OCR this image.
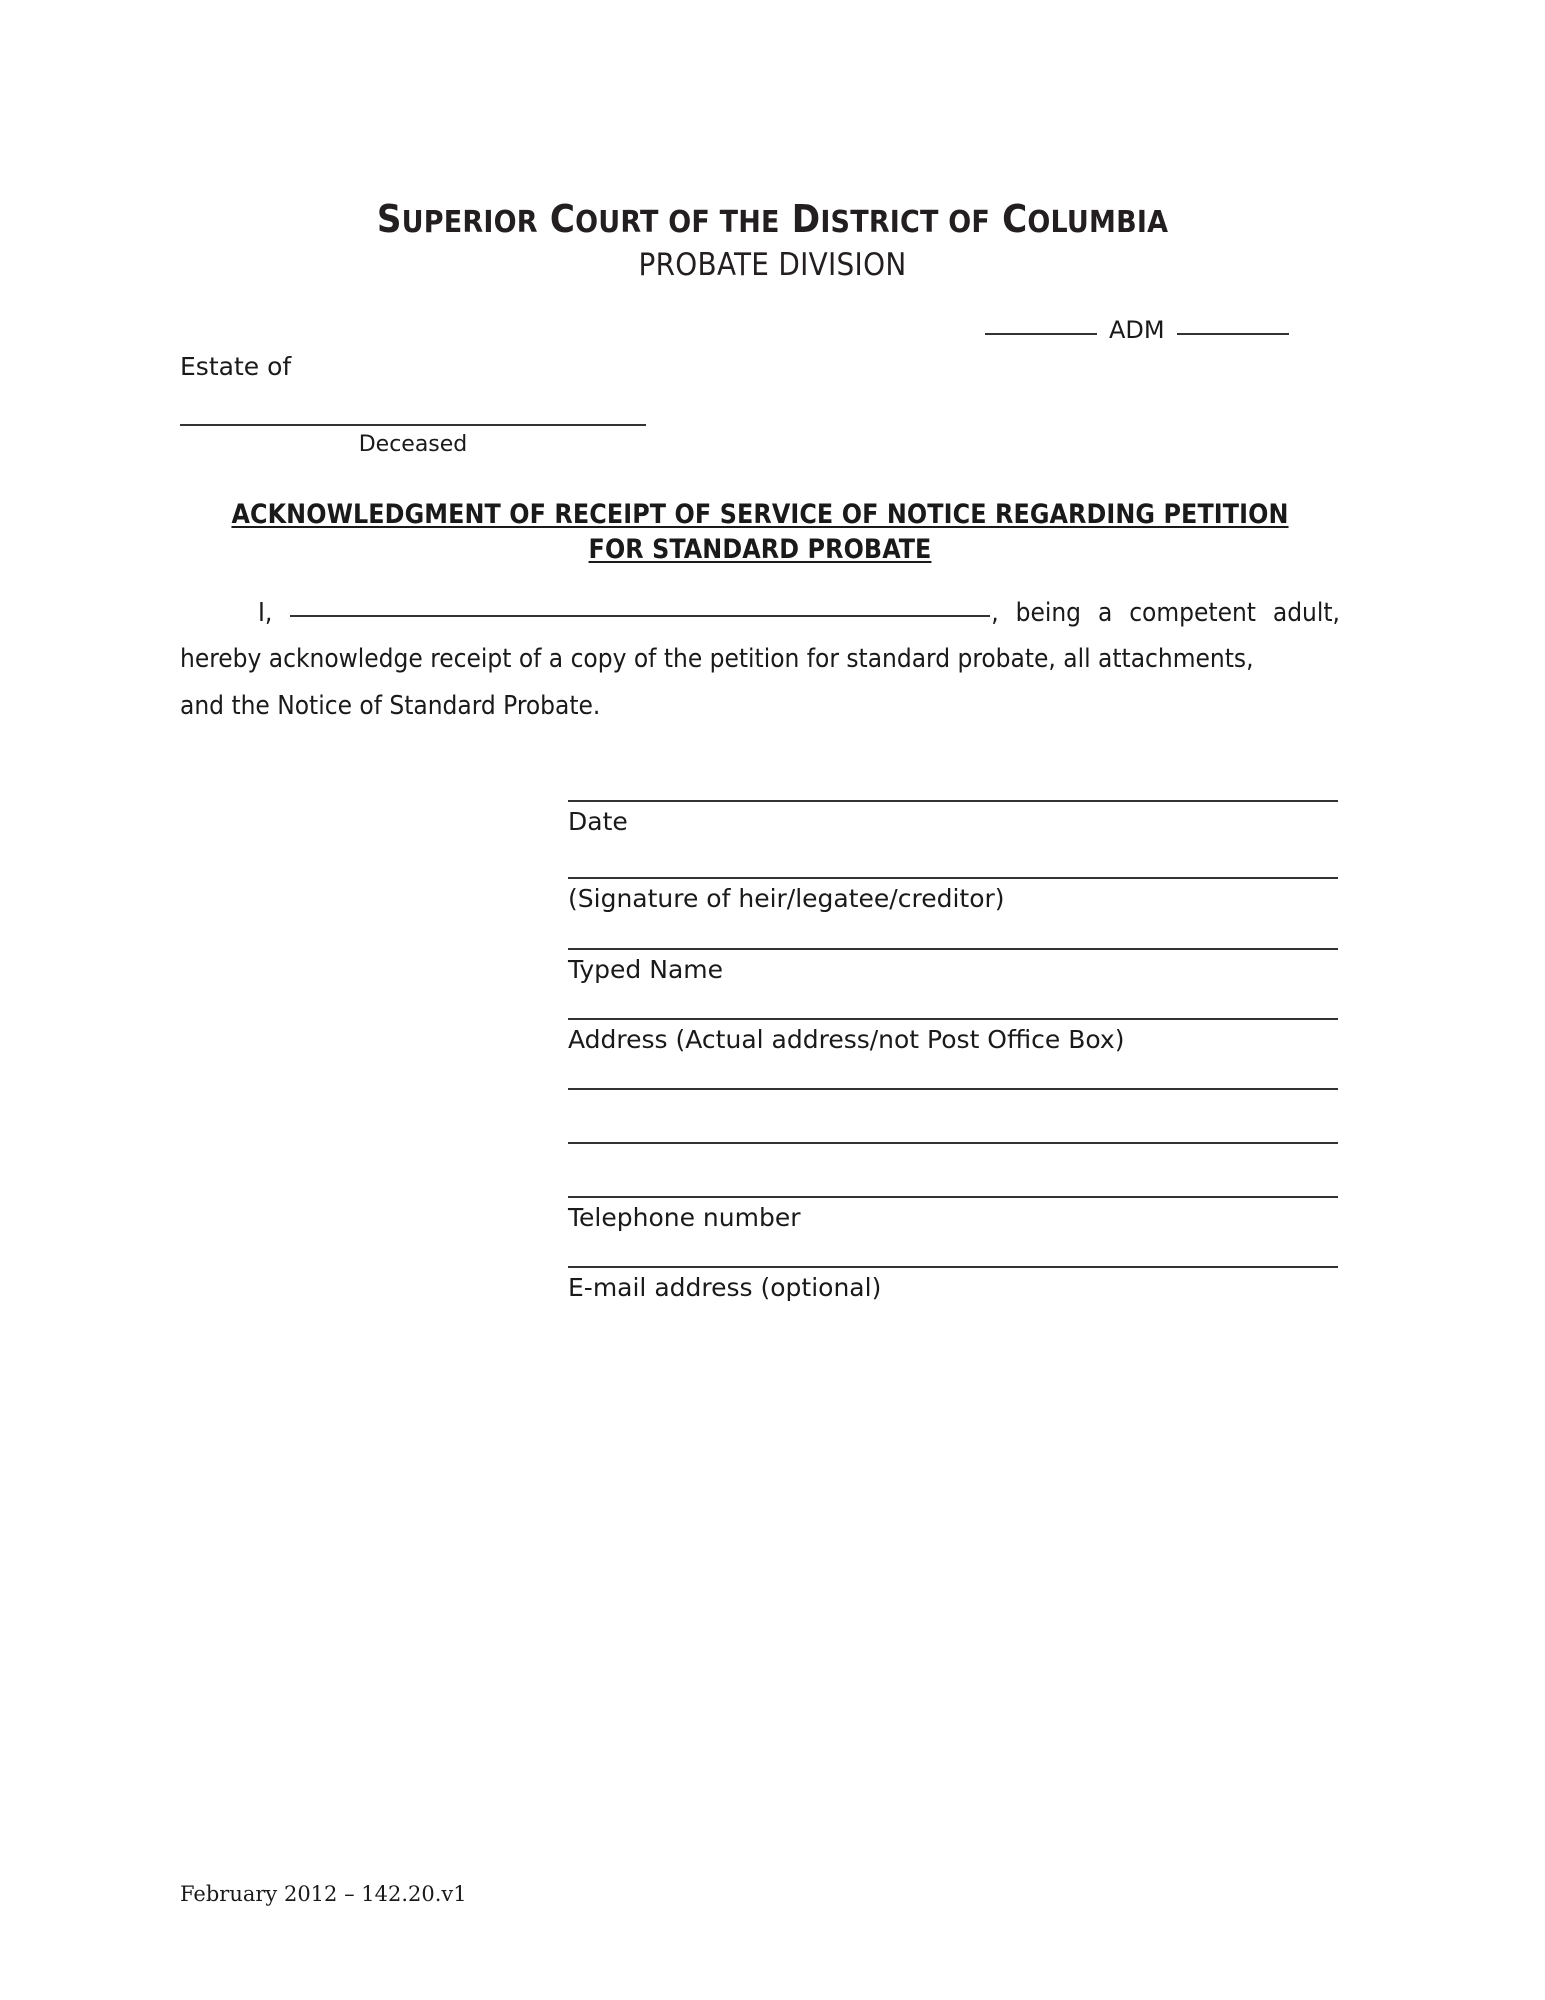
SUPERIOR COURT OF THE DISTRICT OF COLUMBIA
PROBATE DIVISION
ADM
Estate of
Deceased
ACKNOWLEDGMENT OF RECEIPT OF SERVICE OF NOTICE REGARDING PETITION
FOR STANDARD PROBATE
I,	, being a competent adult, hereby acknowledge receipt of a copy of the petition for standard probate, all attachments,
and the Notice of Standard Probate.
Date
(Signature of heir/legatee/creditor)
Typed Name
Address (Actual address/not Post Office Box)
Telephone number
E-mail address (optional)
February 2012 – 142.20.v1
